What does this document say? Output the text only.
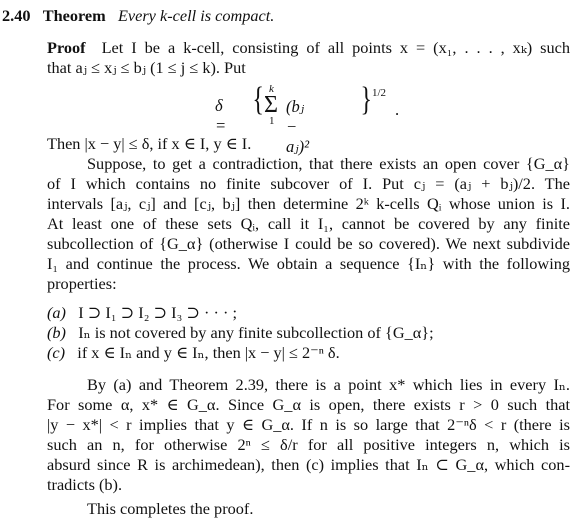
2.40 Theorem Every k-cell is compact.
Proof Let I be a k-cell, consisting of all points x = (x₁, . . . , xₖ) such
that aⱼ ≤ xⱼ ≤ bⱼ (1 ≤ j ≤ k). Put
δ =
{ k
Σ
1
(bⱼ − aⱼ)²
} 1/2
.
Then |x − y| ≤ δ, if x ∈ I, y ∈ I.
Suppose, to get a contradiction, that there exists an open cover {G_α}
of I which contains no finite subcover of I. Put cⱼ = (aⱼ + bⱼ)/2. The
intervals [aⱼ, cⱼ] and [cⱼ, bⱼ] then determine 2ᵏ k-cells Qᵢ whose union is I.
At least one of these sets Qᵢ, call it I₁, cannot be covered by any finite
subcollection of {G_α} (otherwise I could be so covered). We next subdivide
I₁ and continue the process. We obtain a sequence {Iₙ} with the following
properties:
(a) I ⊃ I₁ ⊃ I₂ ⊃ I₃ ⊃ · · · ;
(b) Iₙ is not covered by any finite subcollection of {G_α};
(c) if x ∈ Iₙ and y ∈ Iₙ, then |x − y| ≤ 2⁻ⁿ δ.
By (a) and Theorem 2.39, there is a point x* which lies in every Iₙ.
For some α, x* ∈ G_α. Since G_α is open, there exists r > 0 such that
|y − x*| < r implies that y ∈ G_α. If n is so large that 2⁻ⁿδ < r (there is
such an n, for otherwise 2ⁿ ≤ δ/r for all positive integers n, which is
absurd since R is archimedean), then (c) implies that Iₙ ⊂ G_α, which con-
tradicts (b).
This completes the proof.
